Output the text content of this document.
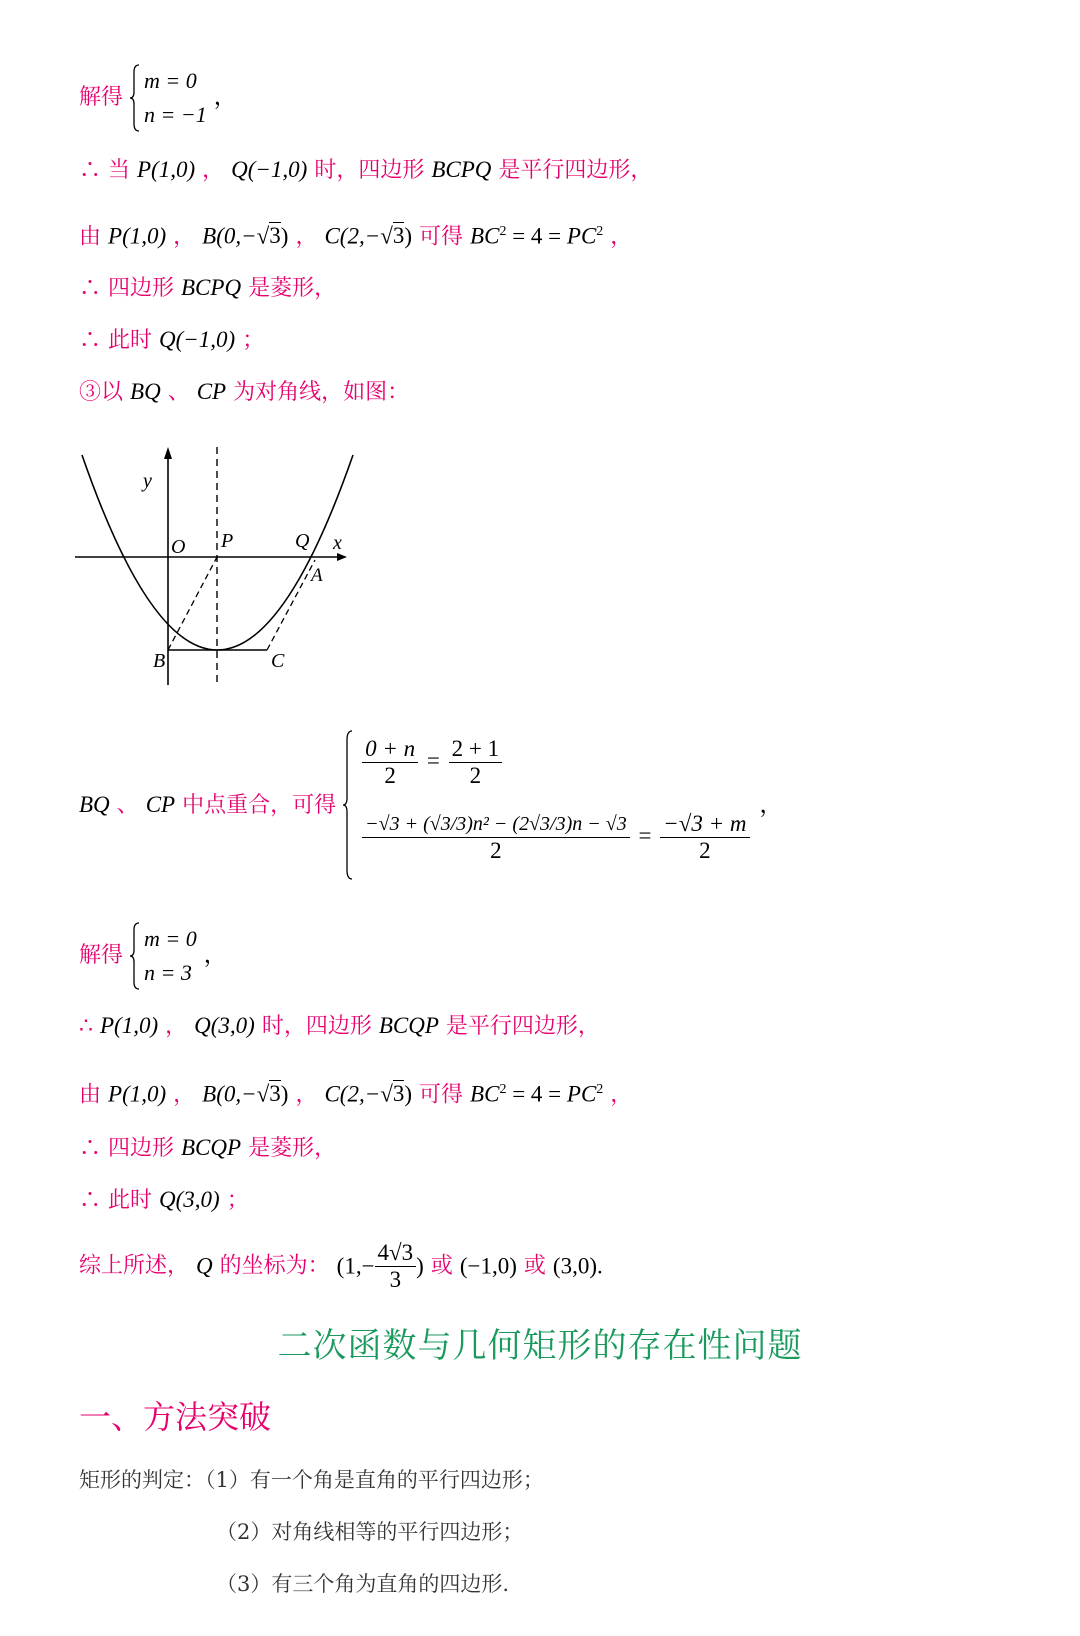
解得
m = 0
n = −1
，
∴ 当 P(1,0) ， Q(−1,0) 时，四边形 BCPQ 是平行四边形，
由 P(1,0) ， B(0,−√3) ， C(2,−√3) 可得 $BC^2 = 4 = PC^2$ ，
∴ 四边形 BCPQ 是菱形，
∴ 此时 Q(−1,0) ；
③以 BQ 、 CP 为对角线，如图：
y
x
O P	Q
A
B	C
BQ 、 CP 中点重合，可得
$\frac{0 + n}{2} = \frac{2 + 1}{2}$
$\frac{\text{−√3 + (√3/3)n² − (2√3/3)n − √3}}{2} = \frac{-√3 + m}{2}$
，
解得
m = 0
n = 3
，
∴ P(1,0) ， Q(3,0) 时，四边形 BCQP 是平行四边形，
由 P(1,0) ， B(0,−√3) ， C(2,−√3) 可得 $BC^2 = 4 = PC^2$ ，
∴ 四边形 BCQP 是菱形，
∴ 此时 Q(3,0) ；
综上所述， Q 的坐标为： ($1,- \frac{4√3}{3}$ ) 或 (−1,0) 或 (3,0).
二次函数与几何矩形的存在性问题
一、方法突破
矩形的判定：（1）有一个角是直角的平行四边形；
（2）对角线相等的平行四边形；
（3）有三个角为直角的四边形.
